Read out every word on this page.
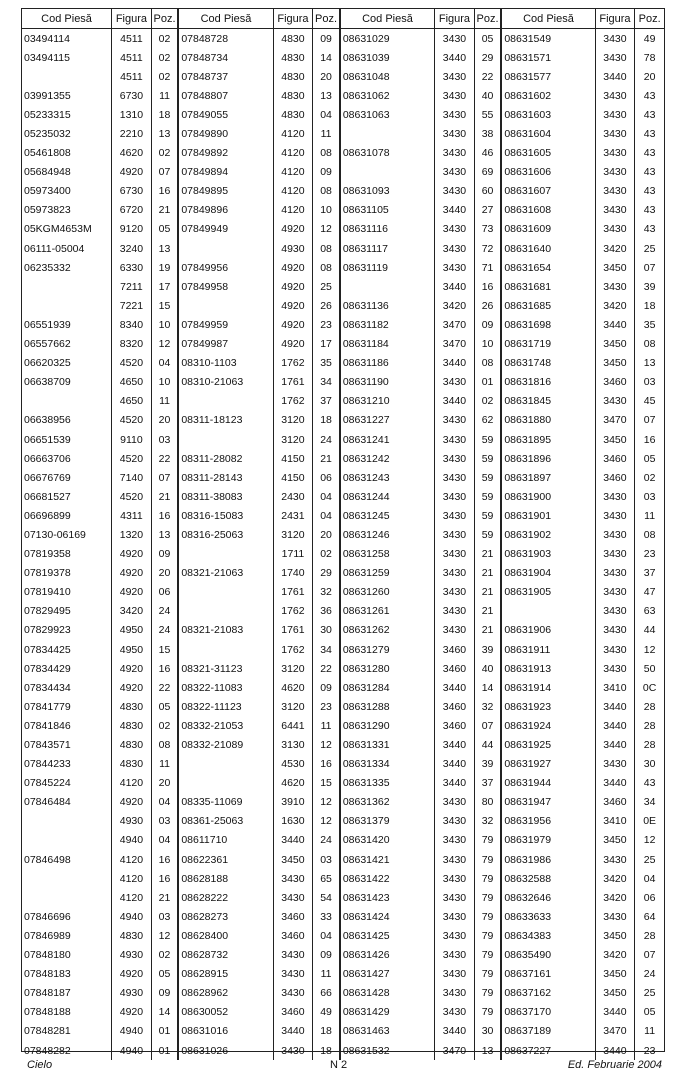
Cod Piesă	Figura	Poz.	Cod Piesă	Figura	Poz.	Cod Piesă	Figura	Poz.	Cod Piesă	Figura	Poz.
03494114	4511	02	07848728	4830	09	08631029	3430	05	08631549	3430	49
03494115	4511	02	07848734	4830	14	08631039	3440	29	08631571	3430	78
	4511	02	07848737	4830	20	08631048	3430	22	08631577	3440	20
03991355	6730	11	07848807	4830	13	08631062	3430	40	08631602	3430	43
05233315	1310	18	07849055	4830	04	08631063	3430	55	08631603	3430	43
05235032	2210	13	07849890	4120	11		3430	38	08631604	3430	43
05461808	4620	02	07849892	4120	08	08631078	3430	46	08631605	3430	43
05684948	4920	07	07849894	4120	09		3430	69	08631606	3430	43
05973400	6730	16	07849895	4120	08	08631093	3430	60	08631607	3430	43
05973823	6720	21	07849896	4120	10	08631105	3440	27	08631608	3430	43
05KGM4653M	9120	05	07849949	4920	12	08631116	3430	73	08631609	3430	43
06111-05004	3240	13		4930	08	08631117	3430	72	08631640	3420	25
06235332	6330	19	07849956	4920	08	08631119	3430	71	08631654	3450	07
	7211	17	07849958	4920	25		3440	16	08631681	3430	39
	7221	15		4920	26	08631136	3420	26	08631685	3420	18
06551939	8340	10	07849959	4920	23	08631182	3470	09	08631698	3440	35
06557662	8320	12	07849987	4920	17	08631184	3470	10	08631719	3450	08
06620325	4520	04	08310-1103	1762	35	08631186	3440	08	08631748	3450	13
06638709	4650	10	08310-21063	1761	34	08631190	3430	01	08631816	3460	03
	4650	11		1762	37	08631210	3440	02	08631845	3430	45
06638956	4520	20	08311-18123	3120	18	08631227	3430	62	08631880	3470	07
06651539	9110	03		3120	24	08631241	3430	59	08631895	3450	16
06663706	4520	22	08311-28082	4150	21	08631242	3430	59	08631896	3460	05
06676769	7140	07	08311-28143	4150	06	08631243	3430	59	08631897	3460	02
06681527	4520	21	08311-38083	2430	04	08631244	3430	59	08631900	3430	03
06696899	4311	16	08316-15083	2431	04	08631245	3430	59	08631901	3430	11
07130-06169	1320	13	08316-25063	3120	20	08631246	3430	59	08631902	3430	08
07819358	4920	09		1711	02	08631258	3430	21	08631903	3430	23
07819378	4920	20	08321-21063	1740	29	08631259	3430	21	08631904	3430	37
07819410	4920	06		1761	32	08631260	3430	21	08631905	3430	47
07829495	3420	24		1762	36	08631261	3430	21		3430	63
07829923	4950	24	08321-21083	1761	30	08631262	3430	21	08631906	3430	44
07834425	4950	15		1762	34	08631279	3460	39	08631911	3430	12
07834429	4920	16	08321-31123	3120	22	08631280	3460	40	08631913	3430	50
07834434	4920	22	08322-11083	4620	09	08631284	3440	14	08631914	3410	0C
07841779	4830	05	08322-11123	3120	23	08631288	3460	32	08631923	3440	28
07841846	4830	02	08332-21053	6441	11	08631290	3460	07	08631924	3440	28
07843571	4830	08	08332-21089	3130	12	08631331	3440	44	08631925	3440	28
07844233	4830	11		4530	16	08631334	3440	39	08631927	3430	30
07845224	4120	20		4620	15	08631335	3440	37	08631944	3440	43
07846484	4920	04	08335-11069	3910	12	08631362	3430	80	08631947	3460	34
	4930	03	08361-25063	1630	12	08631379	3430	32	08631956	3410	0E
	4940	04	08611710	3440	24	08631420	3430	79	08631979	3450	12
07846498	4120	16	08622361	3450	03	08631421	3430	79	08631986	3430	25
	4120	16	08628188	3430	65	08631422	3430	79	08632588	3420	04
	4120	21	08628222	3430	54	08631423	3430	79	08632646	3420	06
07846696	4940	03	08628273	3460	33	08631424	3430	79	08633633	3430	64
07846989	4830	12	08628400	3460	04	08631425	3430	79	08634383	3450	28
07848180	4930	02	08628732	3430	09	08631426	3430	79	08635490	3420	07
07848183	4920	05	08628915	3430	11	08631427	3430	79	08637161	3450	24
07848187	4930	09	08628962	3430	66	08631428	3430	79	08637162	3450	25
07848188	4920	14	08630052	3460	49	08631429	3430	79	08637170	3440	05
07848281	4940	01	08631016	3440	18	08631463	3440	30	08637189	3470	11
07848282	4940	01	08631026	3430	18	08631532	3470	13	08637227	3440	23
Cielo	N 2	Ed. Februarie 2004
